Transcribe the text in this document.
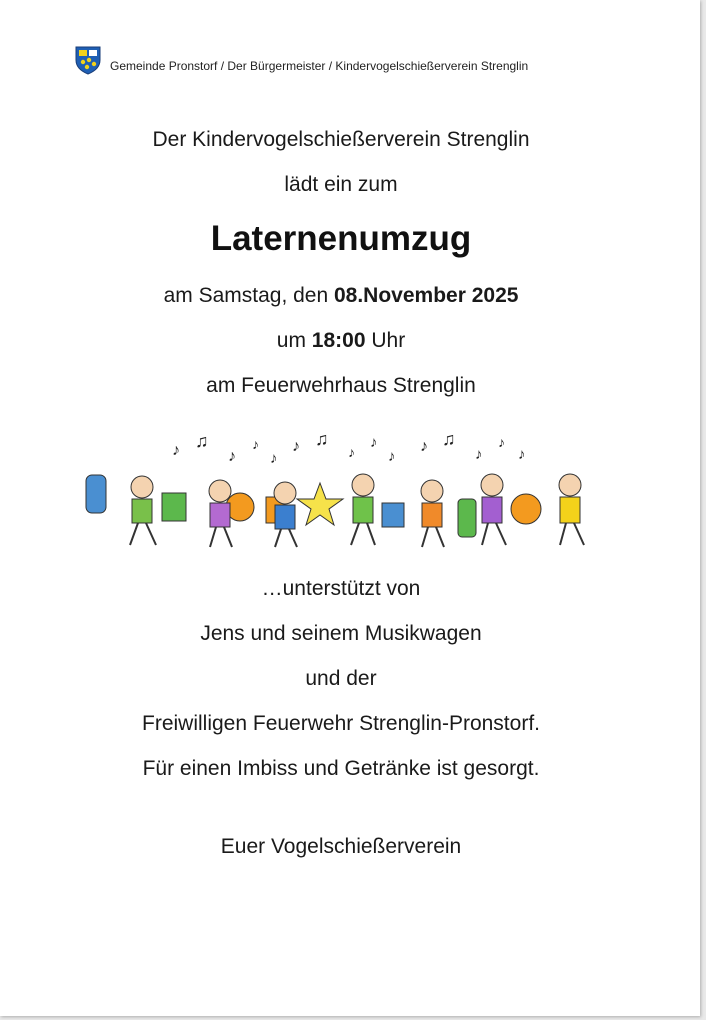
Gemeinde Pronstorf / Der Bürgermeister / Kindervogelschießerverein Strenglin
Der Kindervogelschießerverein Strenglin
lädt ein zum
Laternenumzug
am Samstag, den 08.November 2025
um 18:00 Uhr
am Feuerwehrhaus Strenglin
♪ ♫
♪
♪
♪
♪ ♫
♪
♪
♪
♪ ♫
♪
♪
♪
…unterstützt von
Jens und seinem Musikwagen
und der
Freiwilligen Feuerwehr Strenglin-Pronstorf.
Für einen Imbiss und Getränke ist gesorgt.
Euer Vogelschießerverein
